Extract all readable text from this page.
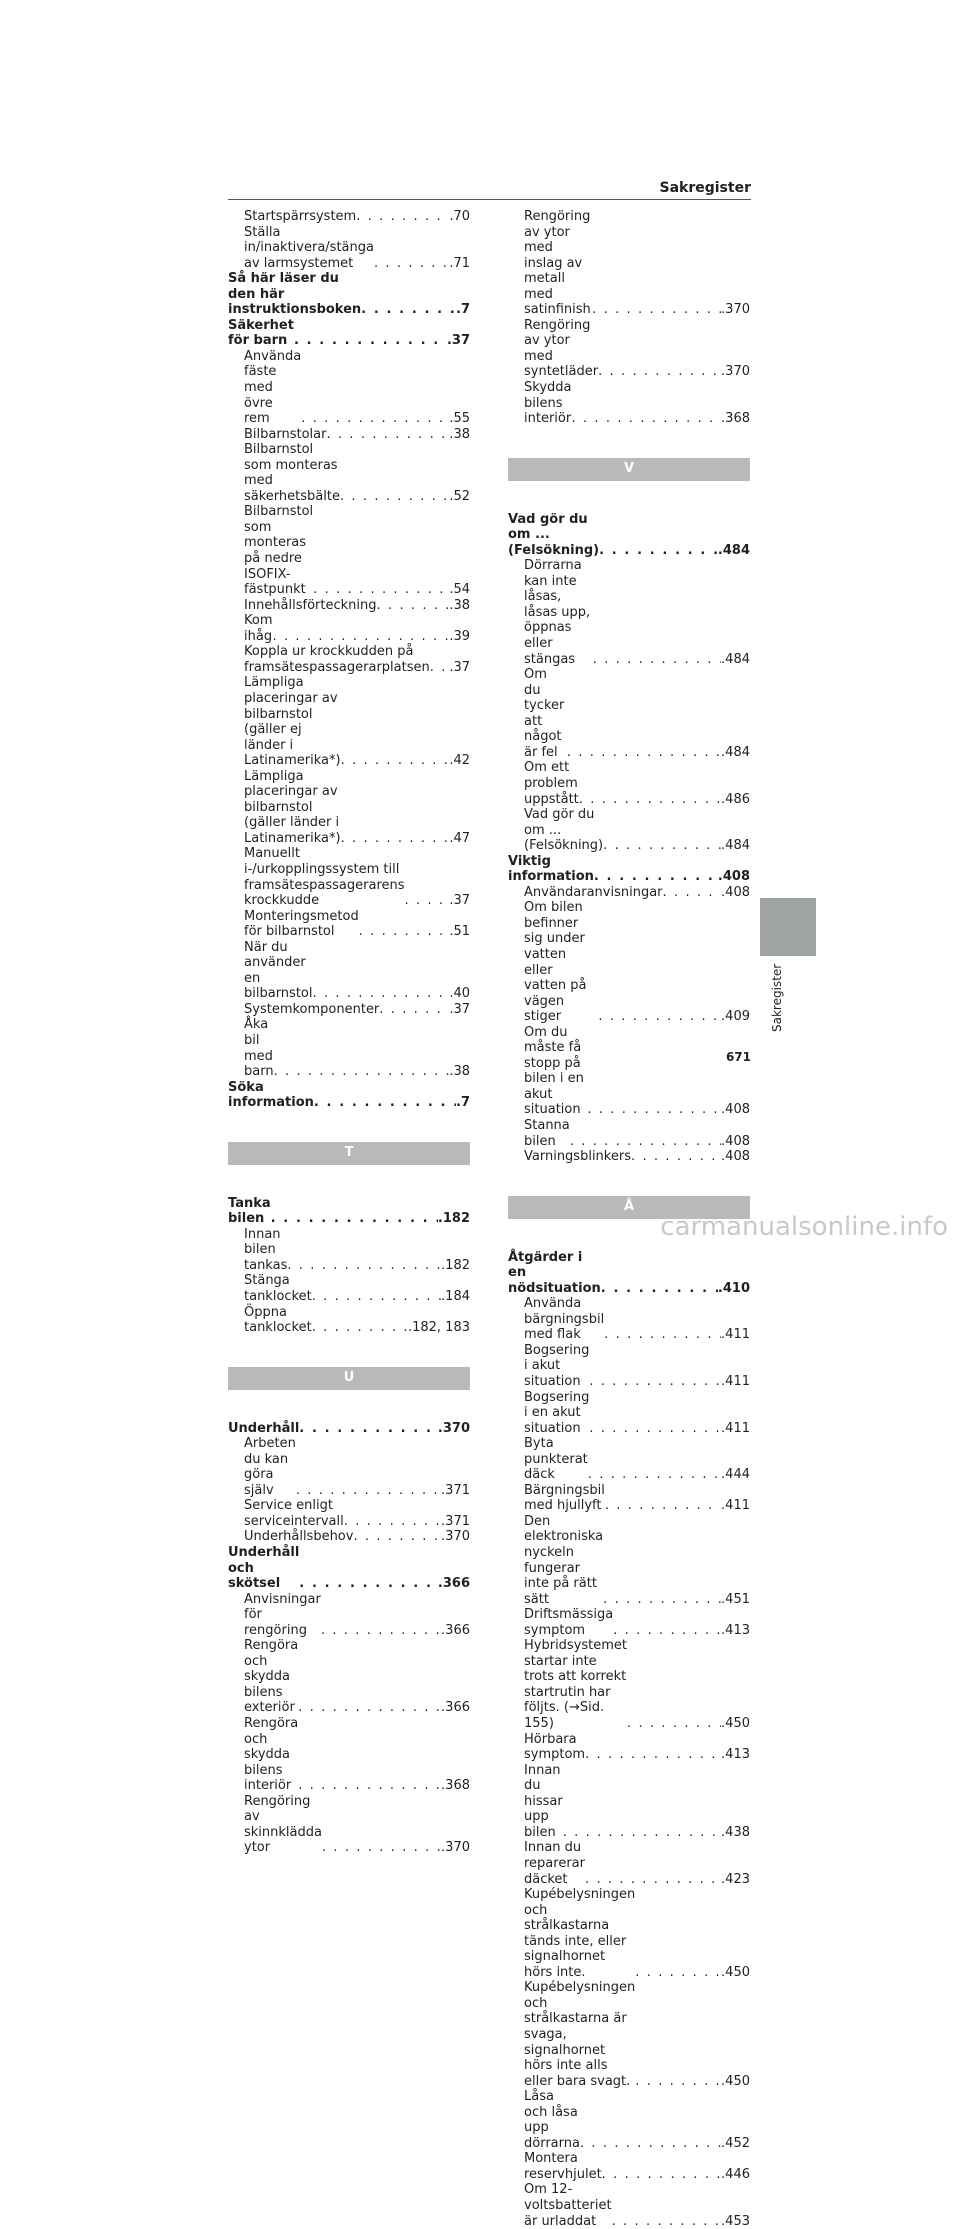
Sakregister
Startspärrsystem . . .	.70
Ställa in/inaktivera/stänga av larmsystemet . . .	.71
Så här läser du den här instruktionsboken . . .	.7
Säkerhet för barn . . .	.37
Använda fäste med övre rem . . .	.55
Bilbarnstolar . . .	.38
Bilbarnstol som monteras med säkerhetsbälte . . .	.52
Bilbarnstol som monteras på nedre ISOFIX-fästpunkt . . .	.54
Innehållsförteckning . . .	.38
Kom ihåg . . .	.39
Koppla ur krockkudden på framsätespassagerarplatsen . . . .37
Lämpliga placeringar av bilbarnstol (gäller ej länder i Latinamerika*) . . .	.42
Lämpliga placeringar av bilbarnstol (gäller länder i Latinamerika*) . . .	.47
Manuellt i-/urkopplingssystem till framsätespassagerarens krockkudde . . .	.37
Monteringsmetod för bilbarnstol . . .	.51
När du använder en bilbarnstol . . .	.40
Systemkomponenter . . .	.37
Åka bil med barn . . .	.38
Söka information . . .	.7
T
Tanka bilen . . .	.182
Innan bilen tankas . . .	.182
Stänga tanklocket . . .	.184
Öppna tanklocket . . .	.182, 183
U
Underhåll . . .	.370
Arbeten du kan göra själv . . .	.371
Service enligt serviceintervall . . .	.371
Underhållsbehov . . .	.370
Underhåll och skötsel . . .	.366
Anvisningar för rengöring . . .	.366
Rengöra och skydda bilens exteriör . . .	.366
Rengöra och skydda bilens interiör . . .	.368
Rengöring av skinnklädda ytor . . .	.370
Rengöring av ytor med inslag av metall med satinfinish . . .	.370
Rengöring av ytor med syntetläder . . .	.370
Skydda bilens interiör . . .	.368
V
Vad gör du om ... (Felsökning) . . .	.484
Dörrarna kan inte låsas, låsas upp, öppnas eller stängas . . .	.484
Om du tycker att något är fel . . .	.484
Om ett problem uppstått . . .	.486
Vad gör du om ... (Felsökning) . . .	.484
Viktig information . . .	.408
Användaranvisningar . . .	.408
Om bilen befinner sig under vatten eller vatten på vägen stiger . . .	.409
Om du måste få stopp på bilen i en akut situation . . .	.408
Stanna bilen . . .	.408
Varningsblinkers . . .	.408
Å
Åtgärder i en nödsituation . . .	.410
Använda bärgningsbil med flak . . .	.411
Bogsering i akut situation . . .	.411
Bogsering i en akut situation . . .	.411
Byta punkterat däck . . .	.444
Bärgningsbil med hjullyft . . .	.411
Den elektroniska nyckeln fungerar inte på rätt sätt . . .	.451
Driftsmässiga symptom . . .	.413
Hybridsystemet startar inte trots att korrekt startrutin har följts. (→Sid. 155) . . .	.450
Hörbara symptom . . .	.413
Innan du hissar upp bilen . . .	.438
Innan du reparerar däcket . . .	.423
Kupébelysningen och strålkastarna tänds inte, eller signalhornet hörs inte. . . .	.450
Kupébelysningen och strålkastarna är svaga, signalhornet hörs inte alls eller bara svagt. . . .	.450
Låsa och låsa upp dörrarna . . .	.452
Montera reservhjulet . . .	.446
Om 12-voltsbatteriet är urladdat . . .	.453
Sakregister
671
carmanualsonline.info
